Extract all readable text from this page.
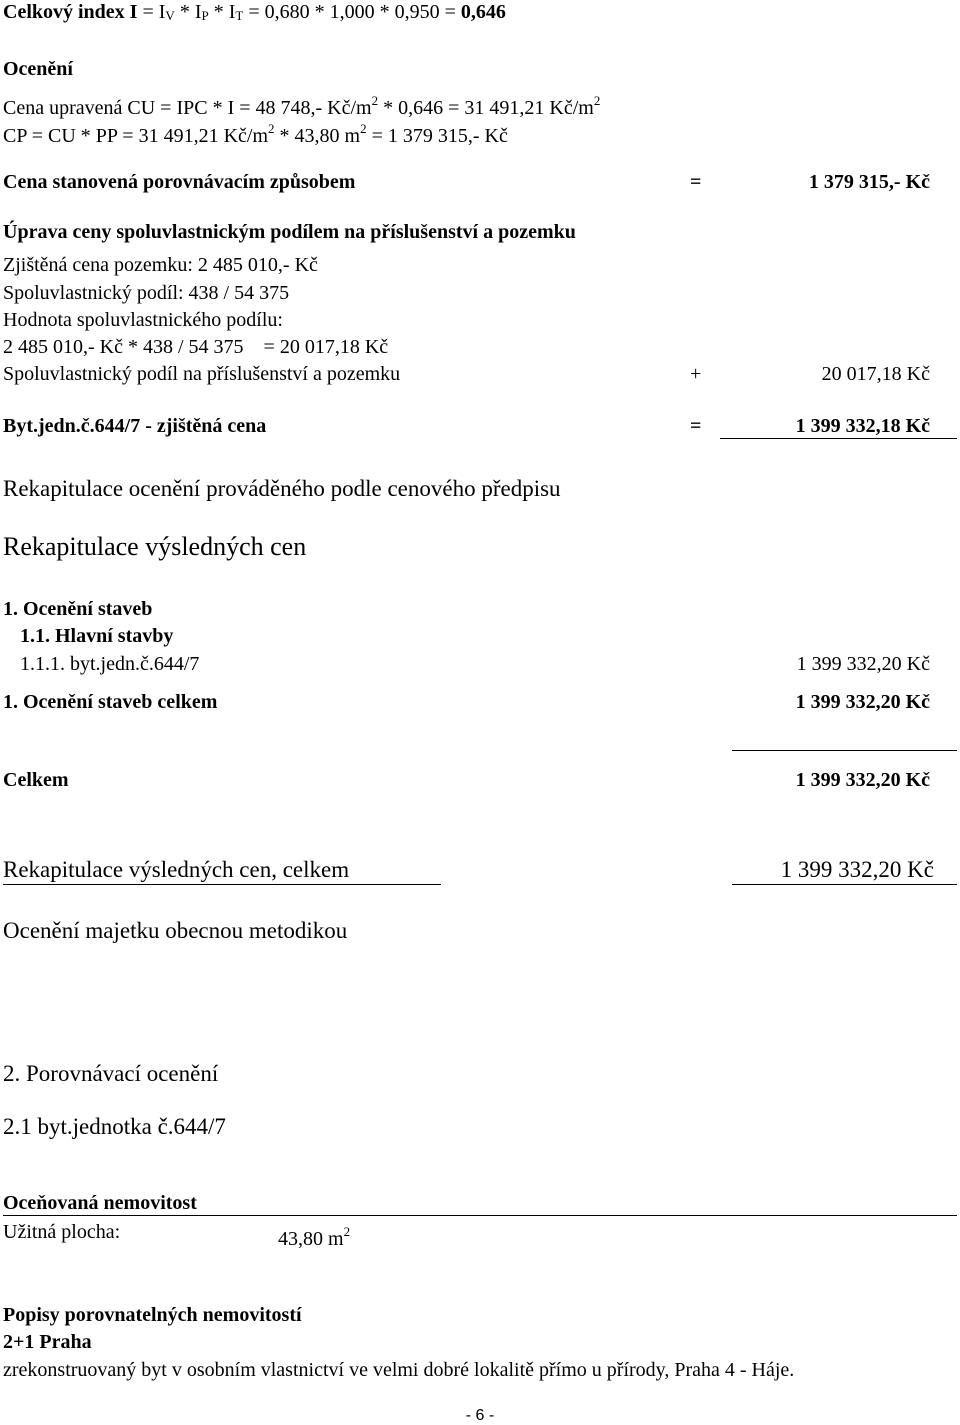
Celkový index I = IV * IP * IT = 0,680 * 1,000 * 0,950 = 0,646
Ocenění
Cena upravená CU = IPC * I = 48 748,- $Kč/m^2 * 0,646 = 31$ 491,21 $Kč/m^2$
CP = CU * PP = 31 491,21 $Kč/m^2 * 43,80$ $m^2 = 1$ 379 315,- Kč
Cena stanovená porovnávacím způsobem	=	1 379 315,- Kč
Úprava ceny spoluvlastnickým podílem na příslušenství a pozemku
Zjištěná cena pozemku: 2 485 010,- Kč
Spoluvlastnický podíl: 438 / 54 375
Hodnota spoluvlastnického podílu:
2 485 010,- Kč * 438 / 54 375    = 20 017,18 Kč
Spoluvlastnický podíl na příslušenství a pozemku	+	20 017,18 Kč
Byt.jedn.č.644/7 - zjištěná cena	=	1 399 332,18 Kč
Rekapitulace ocenění prováděného podle cenového předpisu
Rekapitulace výsledných cen
1. Ocenění staveb
1.1. Hlavní stavby
1.1.1. byt.jedn.č.644/7	1 399 332,20 Kč
1. Ocenění staveb celkem	1 399 332,20 Kč
Celkem	1 399 332,20 Kč
Rekapitulace výsledných cen, celkem	1 399 332,20 Kč
Ocenění majetku obecnou metodikou
2. Porovnávací ocenění
2.1 byt.jednotka č.644/7
Oceňovaná nemovitost
Užitná plocha:	43,80 $m^2$
Popisy porovnatelných nemovitostí
2+1 Praha
zrekonstruovaný byt v osobním vlastnictví ve velmi dobré lokalitě přímo u přírody, Praha 4 - Háje.
- 6 -
